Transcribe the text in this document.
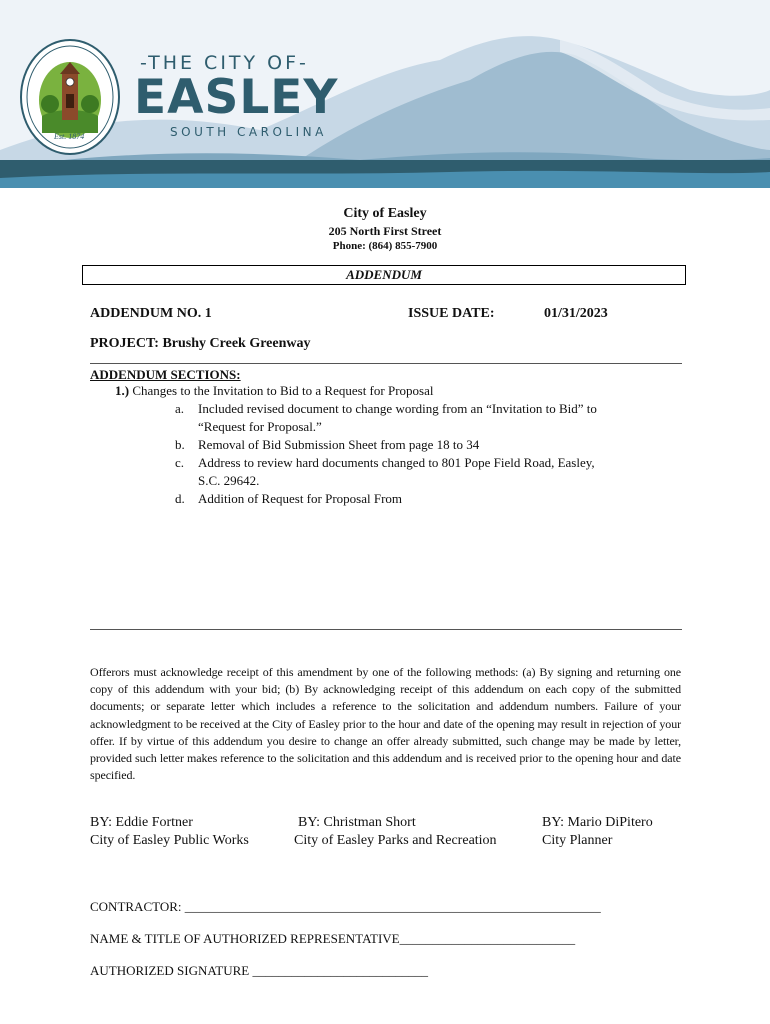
Est. 1874
-THE CITY OF-
EASLEY
SOUTH CAROLINA
City of Easley
205 North First Street
Phone: (864) 855-7900
ADDENDUM
ADDENDUM NO. 1	ISSUE DATE:	01/31/2023
PROJECT: Brushy Creek Greenway
ADDENDUM SECTIONS:
1.) Changes to the Invitation to Bid to a Request for Proposal
a. Included revised document to change wording from an “Invitation to Bid” to
“Request for Proposal.”
b. Removal of Bid Submission Sheet from page 18 to 34
c. Address to review hard documents changed to 801 Pope Field Road, Easley,
S.C. 29642.
d. Addition of Request for Proposal From
Offerors must acknowledge receipt of this amendment by one of the following methods: (a) By signing and returning one copy of this addendum with your bid; (b) By acknowledging receipt of this addendum on each copy of the submitted documents; or separate letter which includes a reference to the solicitation and addendum numbers. Failure of your acknowledgment to be received at the City of Easley prior to the hour and date of the opening may result in rejection of your offer. If by virtue of this addendum you desire to change an offer already submitted, such change may be made by letter, provided such letter makes reference to the solicitation and this addendum and is received prior to the opening hour and date specified.
BY: Eddie Fortner
City of Easley Public Works
BY: Christman Short
City of Easley Parks and Recreation
BY: Mario DiPitero
City Planner
CONTRACTOR: ________________________________________________________________
NAME & TITLE OF AUTHORIZED REPRESENTATIVE___________________________
AUTHORIZED SIGNATURE ___________________________
